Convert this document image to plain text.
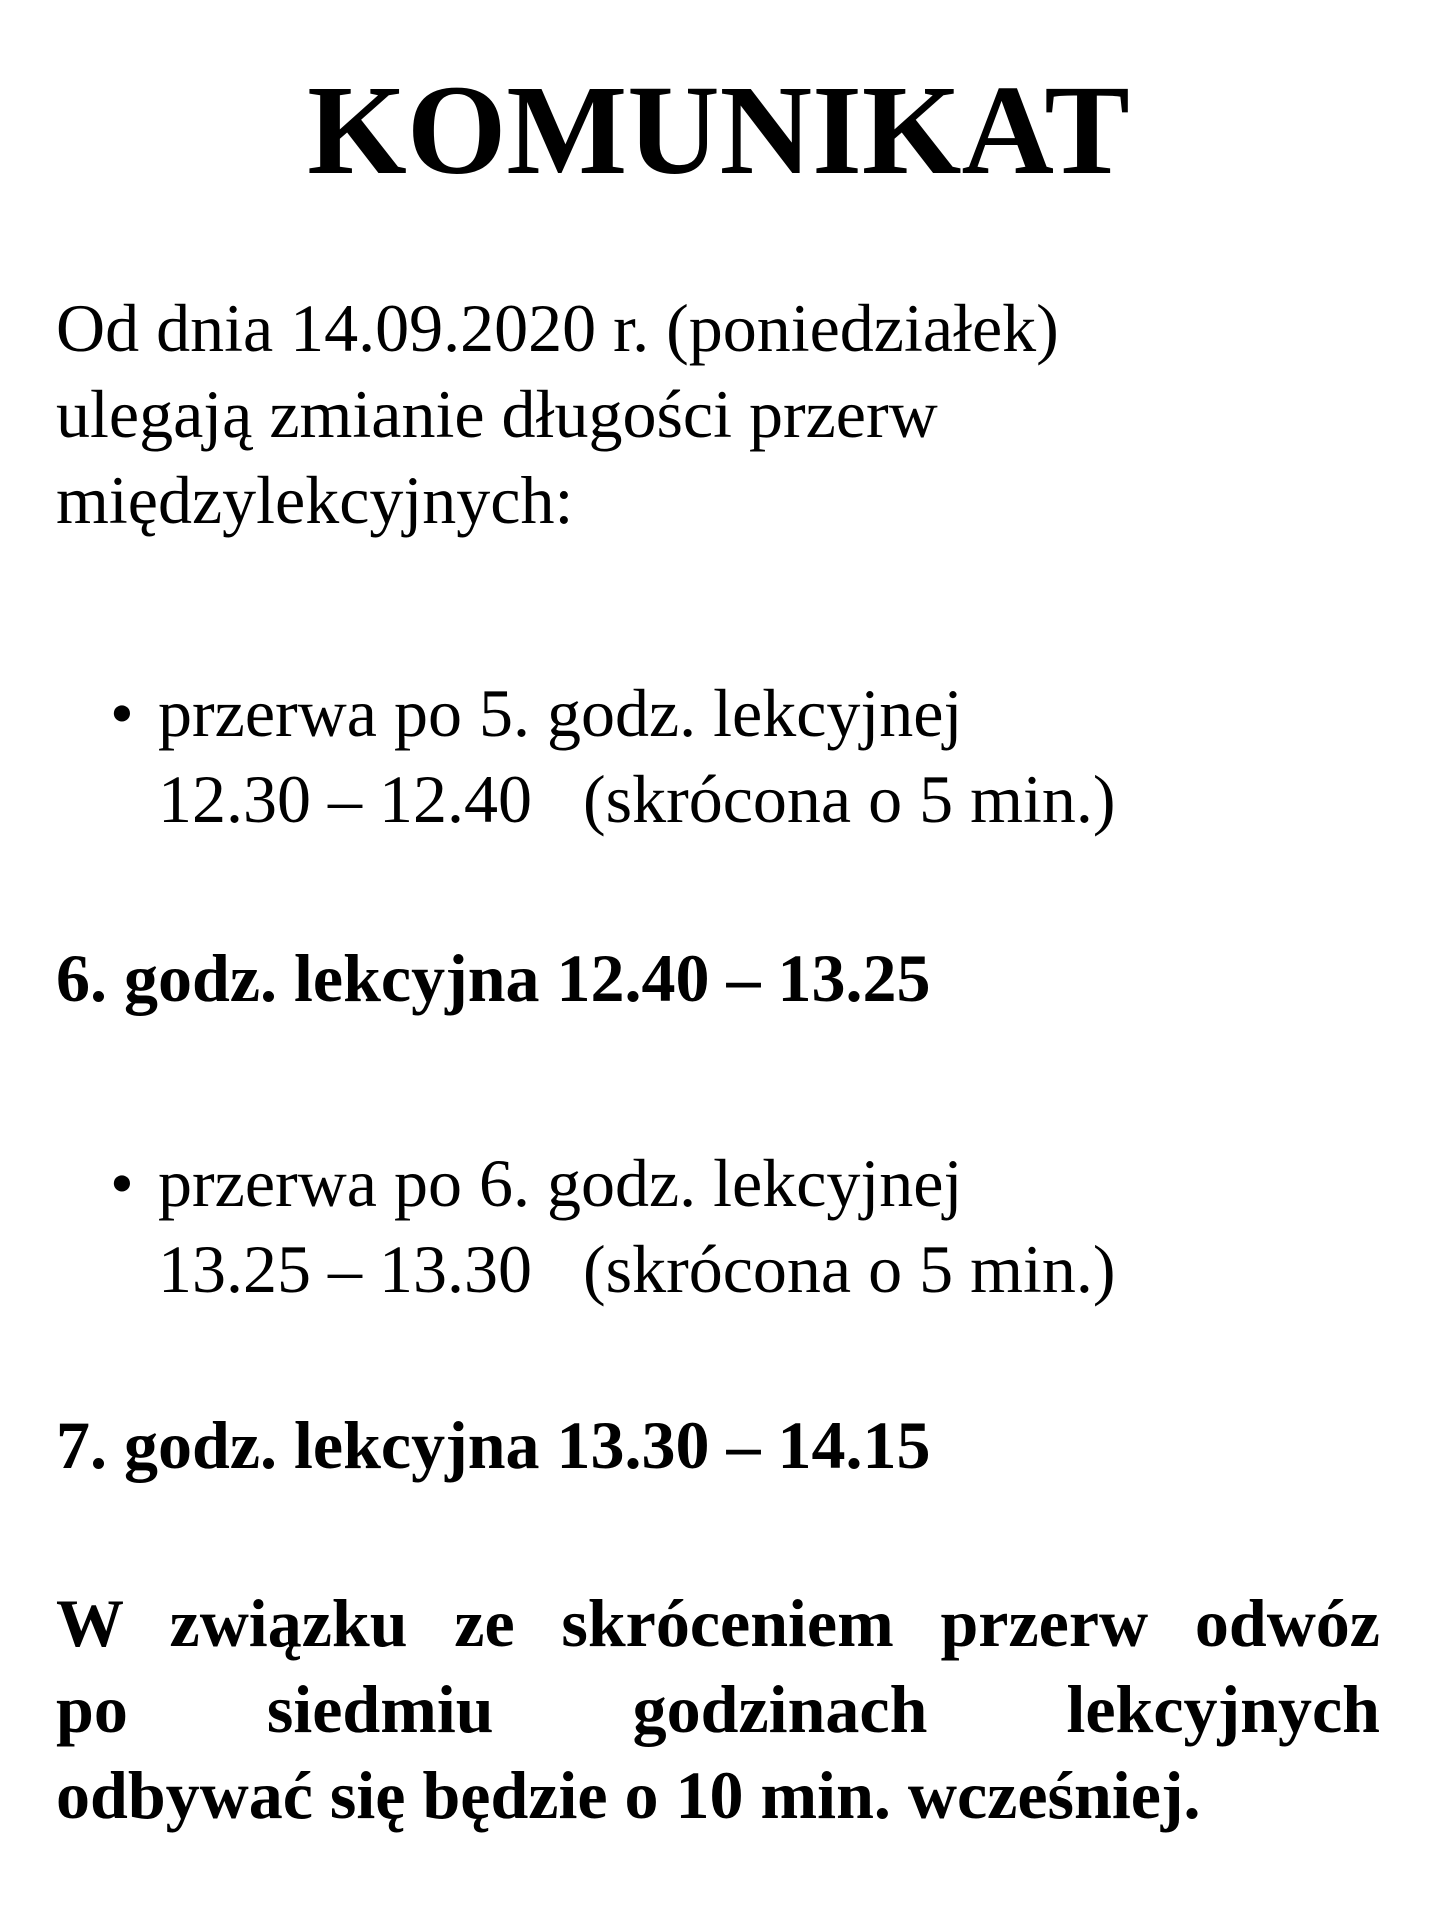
KOMUNIKAT

Od dnia 14.09.2020 r. (poniedziałek)
ulegają zmianie długości przerw
międzylekcyjnych:

• przerwa po 5. godz. lekcyjnej
12.30 – 12.40   (skrócona o 5 min.)

6. godz. lekcyjna 12.40 – 13.25

• przerwa po 6. godz. lekcyjnej
13.25 – 13.30   (skrócona o 5 min.)

7. godz. lekcyjna 13.30 – 14.15

W związku ze skróceniem przerw odwóz
po siedmiu godzinach lekcyjnych
odbywać się będzie o 10 min. wcześniej.
